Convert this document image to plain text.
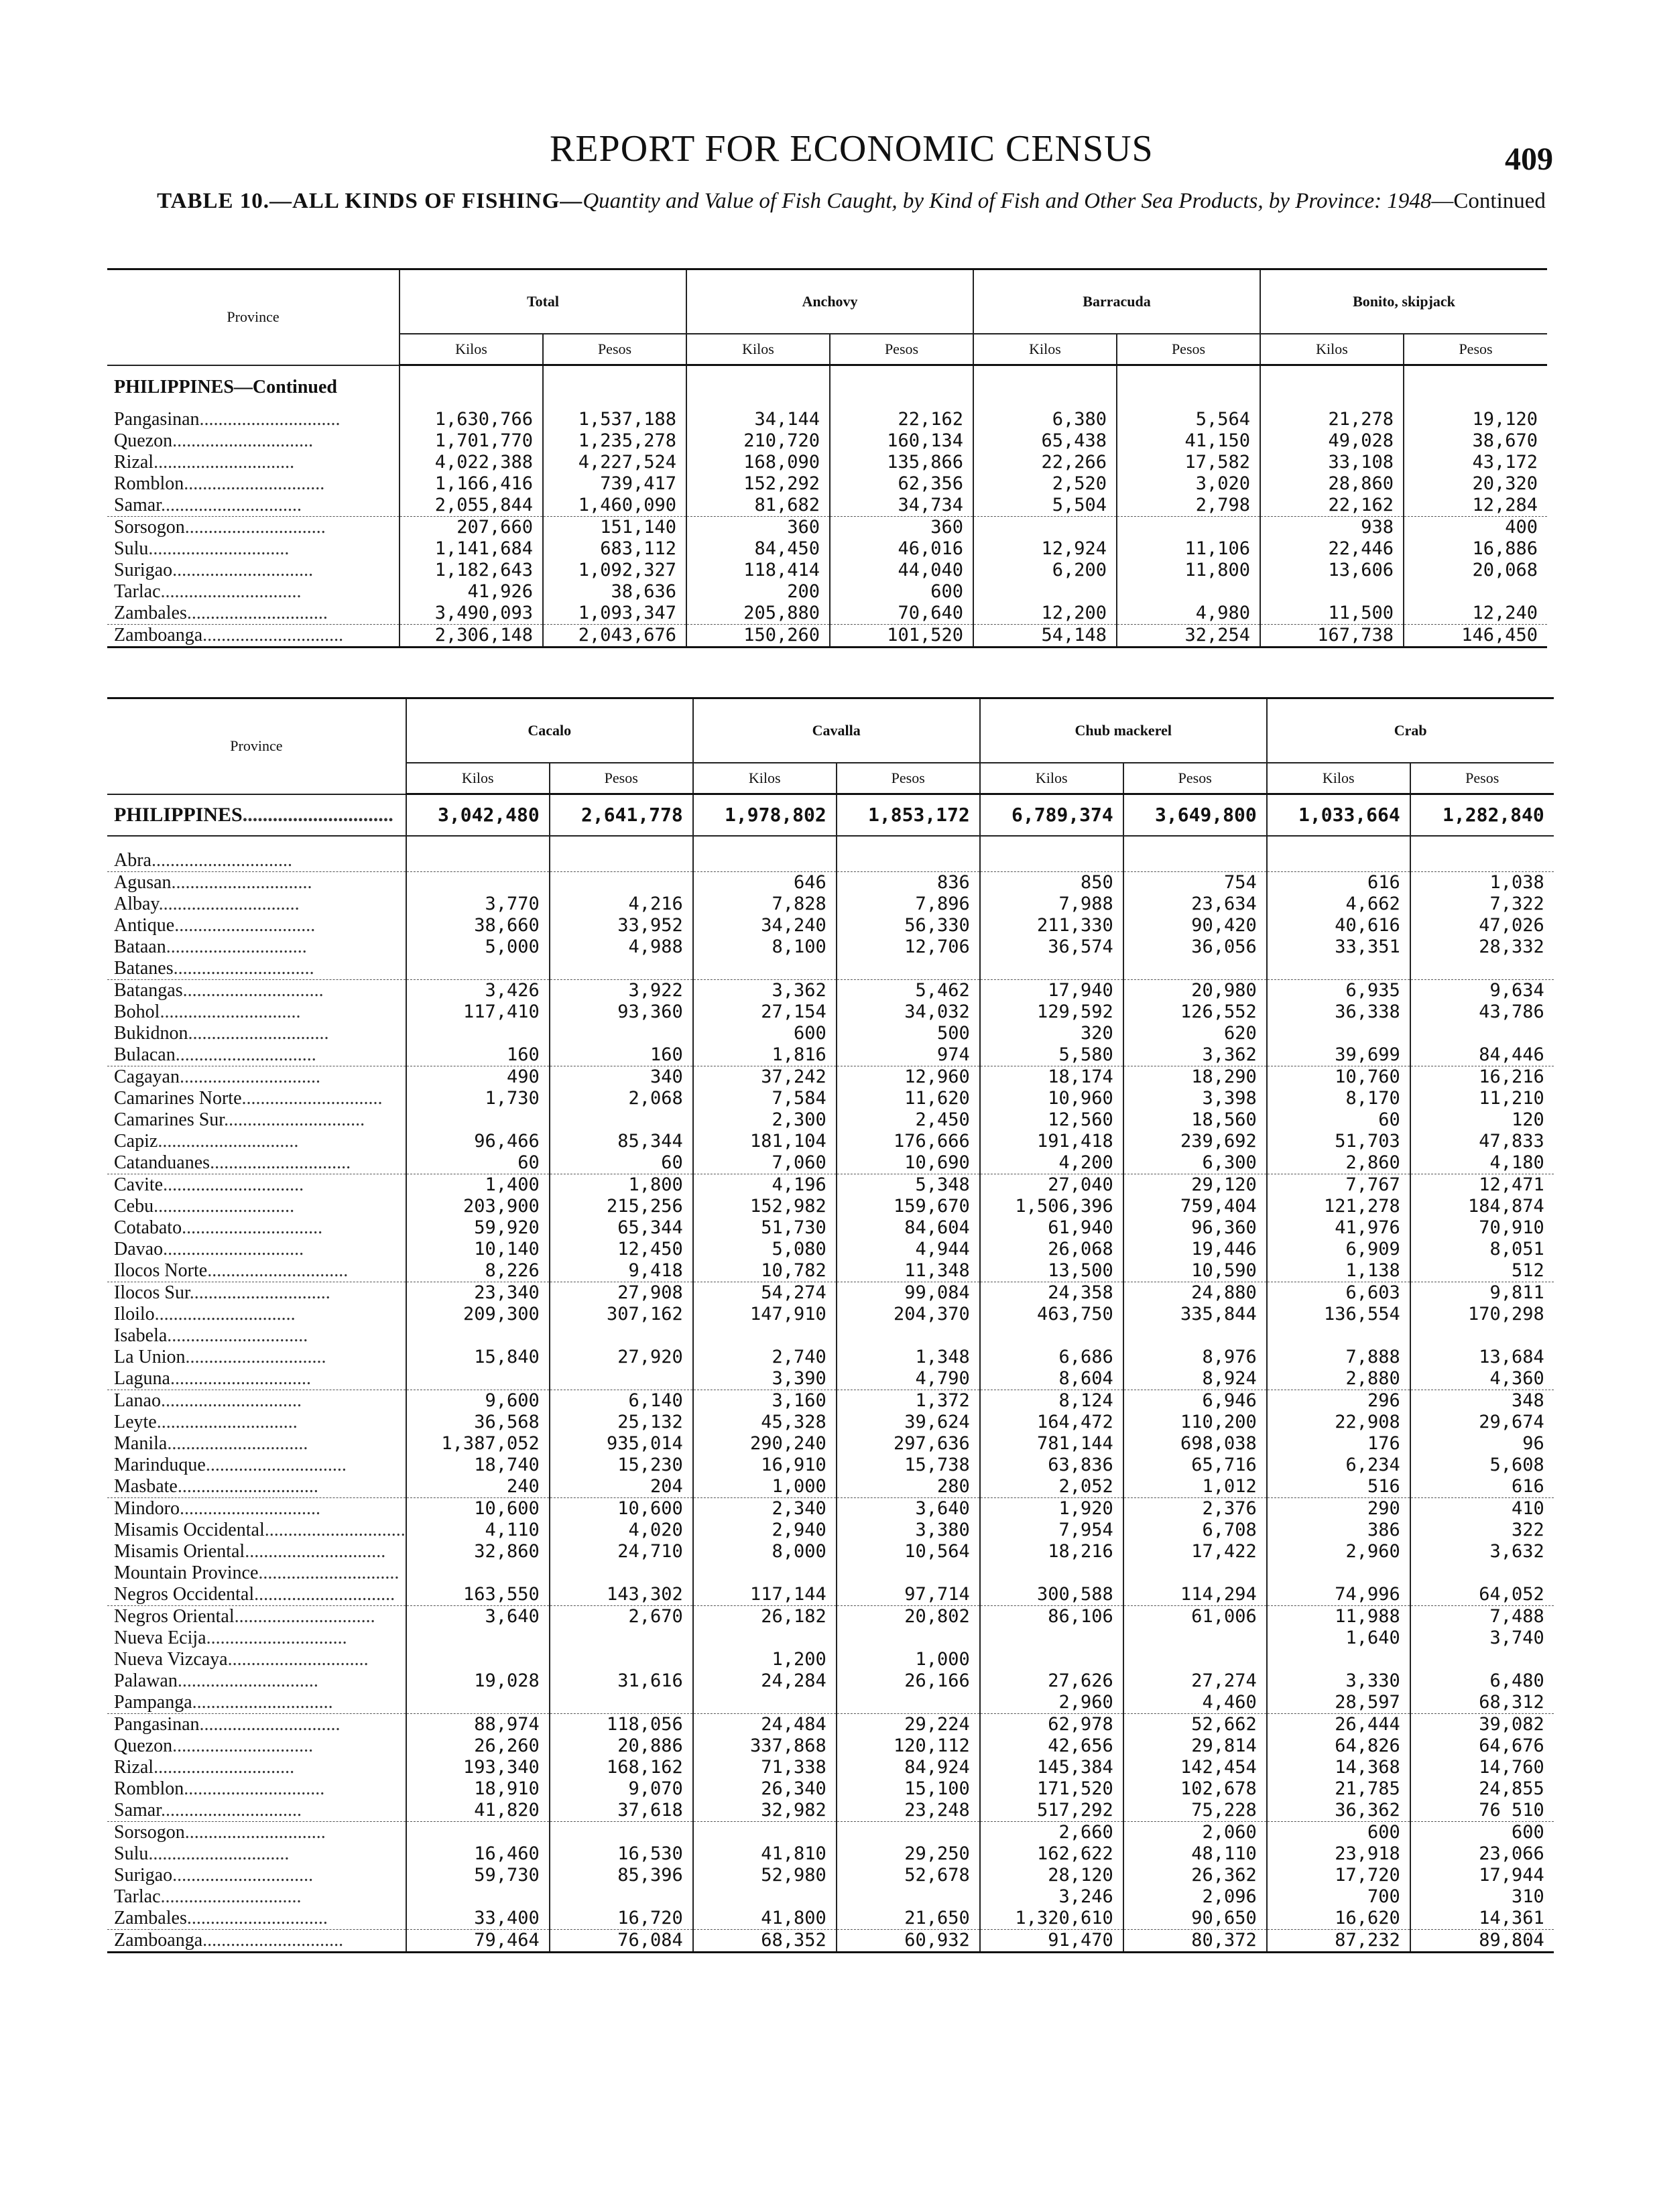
REPORT FOR ECONOMIC CENSUS	409
TABLE 10.—ALL KINDS OF FISHING—Quantity and Value of Fish Caught, by Kind of Fish and Other Sea Products, by Province: 1948—Continued
Province	Total		Anchovy		Barracuda		Bonito, skipjack	
	Kilos	Pesos	Kilos	Pesos	Kilos	Pesos	Kilos	Pesos
PHILIPPINES—Continued								
Pangasinan..............................	1,630,766	1,537,188	34,144	22,162	6,380	5,564	21,278	19,120
Quezon..............................	1,701,770	1,235,278	210,720	160,134	65,438	41,150	49,028	38,670
Rizal..............................	4,022,388	4,227,524	168,090	135,866	22,266	17,582	33,108	43,172
Romblon..............................	1,166,416	739,417	152,292	62,356	2,520	3,020	28,860	20,320
Samar..............................	2,055,844	1,460,090	81,682	34,734	5,504	2,798	22,162	12,284
Sorsogon..............................	207,660	151,140	360	360			938	400
Sulu..............................	1,141,684	683,112	84,450	46,016	12,924	11,106	22,446	16,886
Surigao..............................	1,182,643	1,092,327	118,414	44,040	6,200	11,800	13,606	20,068
Tarlac..............................	41,926	38,636	200	600				
Zambales..............................	3,490,093	1,093,347	205,880	70,640	12,200	4,980	11,500	12,240
Zamboanga..............................	2,306,148	2,043,676	150,260	101,520	54,148	32,254	167,738	146,450
Province	Cacalo		Cavalla		Chub mackerel		Crab	
	Kilos	Pesos	Kilos	Pesos	Kilos	Pesos	Kilos	Pesos
PHILIPPINES..............................	3,042,480	2,641,778	1,978,802	1,853,172	6,789,374	3,649,800	1,033,664	1,282,840

Abra..............................								
Agusan..............................			646	836	850	754	616	1,038
Albay..............................	3,770	4,216	7,828	7,896	7,988	23,634	4,662	7,322
Antique..............................	38,660	33,952	34,240	56,330	211,330	90,420	40,616	47,026
Bataan..............................	5,000	4,988	8,100	12,706	36,574	36,056	33,351	28,332
Batanes..............................								
Batangas..............................	3,426	3,922	3,362	5,462	17,940	20,980	6,935	9,634
Bohol..............................	117,410	93,360	27,154	34,032	129,592	126,552	36,338	43,786
Bukidnon..............................			600	500	320	620		
Bulacan..............................	160	160	1,816	974	5,580	3,362	39,699	84,446
Cagayan..............................	490	340	37,242	12,960	18,174	18,290	10,760	16,216
Camarines Norte..............................	1,730	2,068	7,584	11,620	10,960	3,398	8,170	11,210
Camarines Sur..............................			2,300	2,450	12,560	18,560	60	120
Capiz..............................	96,466	85,344	181,104	176,666	191,418	239,692	51,703	47,833
Catanduanes..............................	60	60	7,060	10,690	4,200	6,300	2,860	4,180
Cavite..............................	1,400	1,800	4,196	5,348	27,040	29,120	7,767	12,471
Cebu..............................	203,900	215,256	152,982	159,670	1,506,396	759,404	121,278	184,874
Cotabato..............................	59,920	65,344	51,730	84,604	61,940	96,360	41,976	70,910
Davao..............................	10,140	12,450	5,080	4,944	26,068	19,446	6,909	8,051
Ilocos Norte..............................	8,226	9,418	10,782	11,348	13,500	10,590	1,138	512
Ilocos Sur..............................	23,340	27,908	54,274	99,084	24,358	24,880	6,603	9,811
Iloilo..............................	209,300	307,162	147,910	204,370	463,750	335,844	136,554	170,298
Isabela..............................								
La Union..............................	15,840	27,920	2,740	1,348	6,686	8,976	7,888	13,684
Laguna..............................			3,390	4,790	8,604	8,924	2,880	4,360
Lanao..............................	9,600	6,140	3,160	1,372	8,124	6,946	296	348
Leyte..............................	36,568	25,132	45,328	39,624	164,472	110,200	22,908	29,674
Manila..............................	1,387,052	935,014	290,240	297,636	781,144	698,038	176	96
Marinduque..............................	18,740	15,230	16,910	15,738	63,836	65,716	6,234	5,608
Masbate..............................	240	204	1,000	280	2,052	1,012	516	616
Mindoro..............................	10,600	10,600	2,340	3,640	1,920	2,376	290	410
Misamis Occidental..............................	4,110	4,020	2,940	3,380	7,954	6,708	386	322
Misamis Oriental..............................	32,860	24,710	8,000	10,564	18,216	17,422	2,960	3,632
Mountain Province..............................								
Negros Occidental..............................	163,550	143,302	117,144	97,714	300,588	114,294	74,996	64,052
Negros Oriental..............................	3,640	2,670	26,182	20,802	86,106	61,006	11,988	7,488
Nueva Ecija..............................							1,640	3,740
Nueva Vizcaya..............................			1,200	1,000				
Palawan..............................	19,028	31,616	24,284	26,166	27,626	27,274	3,330	6,480
Pampanga..............................					2,960	4,460	28,597	68,312
Pangasinan..............................	88,974	118,056	24,484	29,224	62,978	52,662	26,444	39,082
Quezon..............................	26,260	20,886	337,868	120,112	42,656	29,814	64,826	64,676
Rizal..............................	193,340	168,162	71,338	84,924	145,384	142,454	14,368	14,760
Romblon..............................	18,910	9,070	26,340	15,100	171,520	102,678	21,785	24,855
Samar..............................	41,820	37,618	32,982	23,248	517,292	75,228	36,362	76 510
Sorsogon..............................					2,660	2,060	600	600
Sulu..............................	16,460	16,530	41,810	29,250	162,622	48,110	23,918	23,066
Surigao..............................	59,730	85,396	52,980	52,678	28,120	26,362	17,720	17,944
Tarlac..............................					3,246	2,096	700	310
Zambales..............................	33,400	16,720	41,800	21,650	1,320,610	90,650	16,620	14,361
Zamboanga..............................	79,464	76,084	68,352	60,932	91,470	80,372	87,232	89,804
